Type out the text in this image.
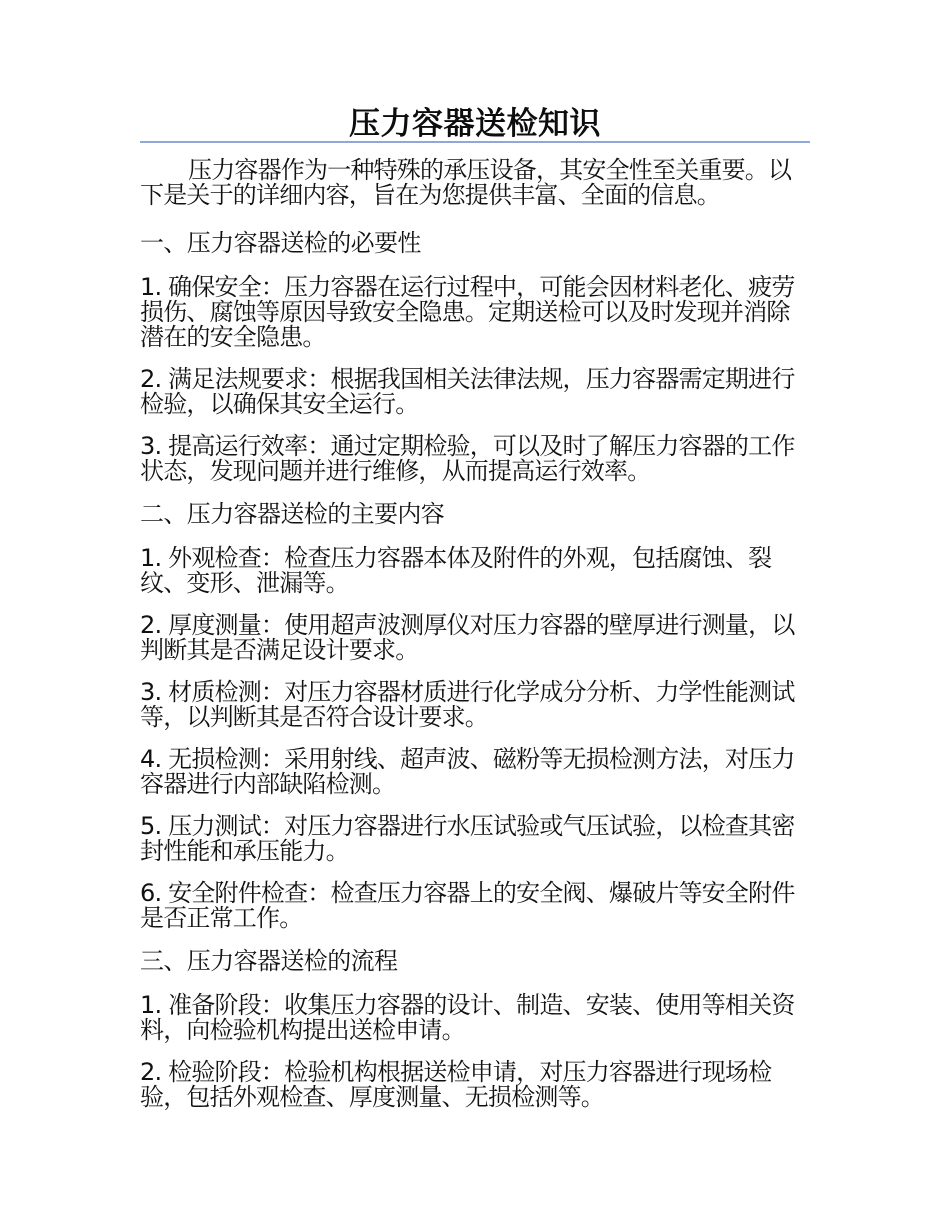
压力容器送检知识

压力容器作为一种特殊的承压设备，其安全性至关重要。以下是关于的详细内容，旨在为您提供丰富、全面的信息。

一、压力容器送检的必要性

1. 确保安全：压力容器在运行过程中，可能会因材料老化、疲劳损伤、腐蚀等原因导致安全隐患。定期送检可以及时发现并消除潜在的安全隐患。

2. 满足法规要求：根据我国相关法律法规，压力容器需定期进行检验，以确保其安全运行。

3. 提高运行效率：通过定期检验，可以及时了解压力容器的工作状态，发现问题并进行维修，从而提高运行效率。

二、压力容器送检的主要内容

1. 外观检查：检查压力容器本体及附件的外观，包括腐蚀、裂纹、变形、泄漏等。

2. 厚度测量：使用超声波测厚仪对压力容器的壁厚进行测量，以判断其是否满足设计要求。

3. 材质检测：对压力容器材质进行化学成分分析、力学性能测试等，以判断其是否符合设计要求。

4. 无损检测：采用射线、超声波、磁粉等无损检测方法，对压力容器进行内部缺陷检测。

5. 压力测试：对压力容器进行水压试验或气压试验，以检查其密封性能和承压能力。

6. 安全附件检查：检查压力容器上的安全阀、爆破片等安全附件是否正常工作。

三、压力容器送检的流程

1. 准备阶段：收集压力容器的设计、制造、安装、使用等相关资料，向检验机构提出送检申请。

2. 检验阶段：检验机构根据送检申请，对压力容器进行现场检验，包括外观检查、厚度测量、无损检测等。
